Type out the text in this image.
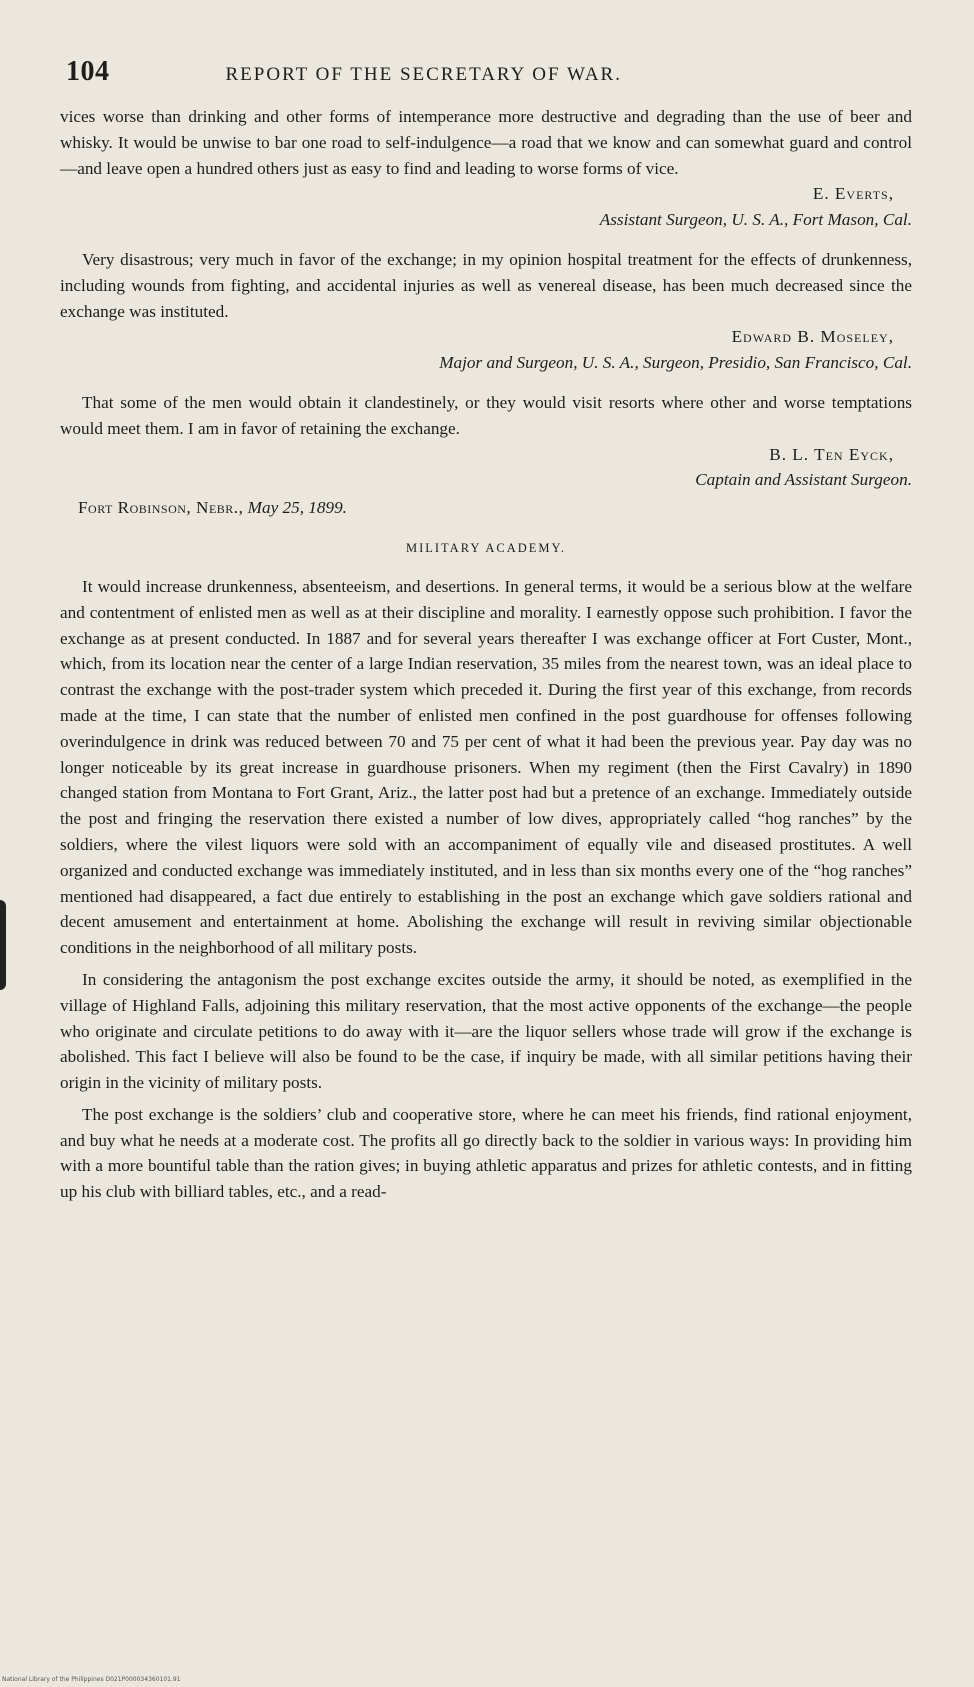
104	REPORT OF THE SECRETARY OF WAR.

vices worse than drinking and other forms of intemperance more destructive and degrading than the use of beer and whisky. It would be unwise to bar one road to self-indulgence—a road that we know and can somewhat guard and control—and leave open a hundred others just as easy to find and leading to worse forms of vice.

E. Everts,
Assistant Surgeon, U. S. A., Fort Mason, Cal.

Very disastrous; very much in favor of the exchange; in my opinion hospital treatment for the effects of drunkenness, including wounds from fighting, and accidental injuries as well as venereal disease, has been much decreased since the exchange was instituted.

Edward B. Moseley,
Major and Surgeon, U. S. A., Surgeon, Presidio, San Francisco, Cal.

That some of the men would obtain it clandestinely, or they would visit resorts where other and worse temptations would meet them. I am in favor of retaining the exchange.

B. L. Ten Eyck,
Captain and Assistant Surgeon.
Fort Robinson, Nebr., May 25, 1899.
MILITARY ACADEMY.

It would increase drunkenness, absenteeism, and desertions. In general terms, it would be a serious blow at the welfare and contentment of enlisted men as well as at their discipline and morality. I earnestly oppose such prohibition. I favor the exchange as at present conducted. In 1887 and for several years thereafter I was exchange officer at Fort Custer, Mont., which, from its location near the center of a large Indian reservation, 35 miles from the nearest town, was an ideal place to contrast the exchange with the post-trader system which preceded it. During the first year of this exchange, from records made at the time, I can state that the number of enlisted men confined in the post guardhouse for offenses following overindulgence in drink was reduced between 70 and 75 per cent of what it had been the previous year. Pay day was no longer noticeable by its great increase in guardhouse prisoners. When my regiment (then the First Cavalry) in 1890 changed station from Montana to Fort Grant, Ariz., the latter post had but a pretence of an exchange. Immediately outside the post and fringing the reservation there existed a number of low dives, appropriately called “hog ranches” by the soldiers, where the vilest liquors were sold with an accompaniment of equally vile and diseased prostitutes. A well organized and conducted exchange was immediately instituted, and in less than six months every one of the “hog ranches” mentioned had disappeared, a fact due entirely to establishing in the post an exchange which gave soldiers rational and decent amusement and entertainment at home. Abolishing the exchange will result in reviving similar objectionable conditions in the neighborhood of all military posts.

In considering the antagonism the post exchange excites outside the army, it should be noted, as exemplified in the village of Highland Falls, adjoining this military reservation, that the most active opponents of the exchange—the people who originate and circulate petitions to do away with it—are the liquor sellers whose trade will grow if the exchange is abolished. This fact I believe will also be found to be the case, if inquiry be made, with all similar petitions having their origin in the vicinity of military posts.

The post exchange is the soldiers’ club and cooperative store, where he can meet his friends, find rational enjoyment, and buy what he needs at a moderate cost. The profits all go directly back to the soldier in various ways: In providing him with a more bountiful table than the ration gives; in buying athletic apparatus and prizes for athletic contests, and in fitting up his club with billiard tables, etc., and a read-

National Library of the Philippines D021P000034360101.91
